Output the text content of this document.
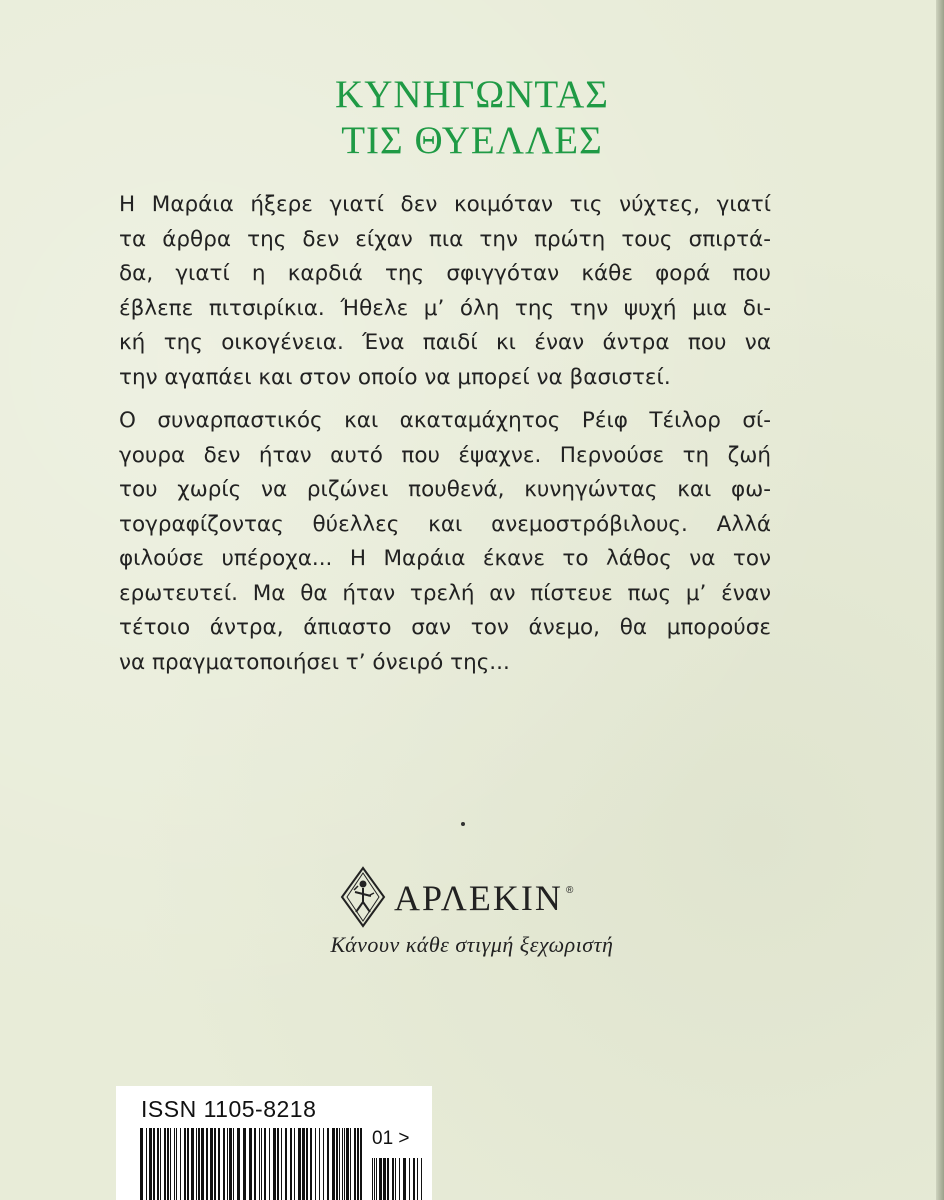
ΚΥΝΗΓΩΝΤΑΣ
ΤΙΣ ΘΥΕΛΛΕΣ
Η Μαράια ήξερε γιατί δεν κοιμόταν τις νύχτες, γιατί
τα άρθρα της δεν είχαν πια την πρώτη τους σπιρτά-
δα, γιατί η καρδιά της σφιγγόταν κάθε φορά που
έβλεπε πιτσιρίκια. Ήθελε μ’ όλη της την ψυχή μια δι-
κή της οικογένεια. Ένα παιδί κι έναν άντρα που να
την αγαπάει και στον οποίο να μπορεί να βασιστεί.
Ο συναρπαστικός και ακαταμάχητος Ρέιφ Τέιλορ σί-
γουρα δεν ήταν αυτό που έψαχνε. Περνούσε τη ζωή
του χωρίς να ριζώνει πουθενά, κυνηγώντας και φω-
τογραφίζοντας θύελλες και ανεμοστρόβιλους. Αλλά
φιλούσε υπέροχα... Η Μαράια έκανε το λάθος να τον
ερωτευτεί. Μα θα ήταν τρελή αν πίστευε πως μ’ έναν
τέτοιο άντρα, άπιαστο σαν τον άνεμο, θα μπορούσε
να πραγματοποιήσει τ’ όνειρό της...
ΑΡΛΕΚΙΝ ®
Κάνουν κάθε στιγμή ξεχωριστή
ISSN 1105-8218
01 >
